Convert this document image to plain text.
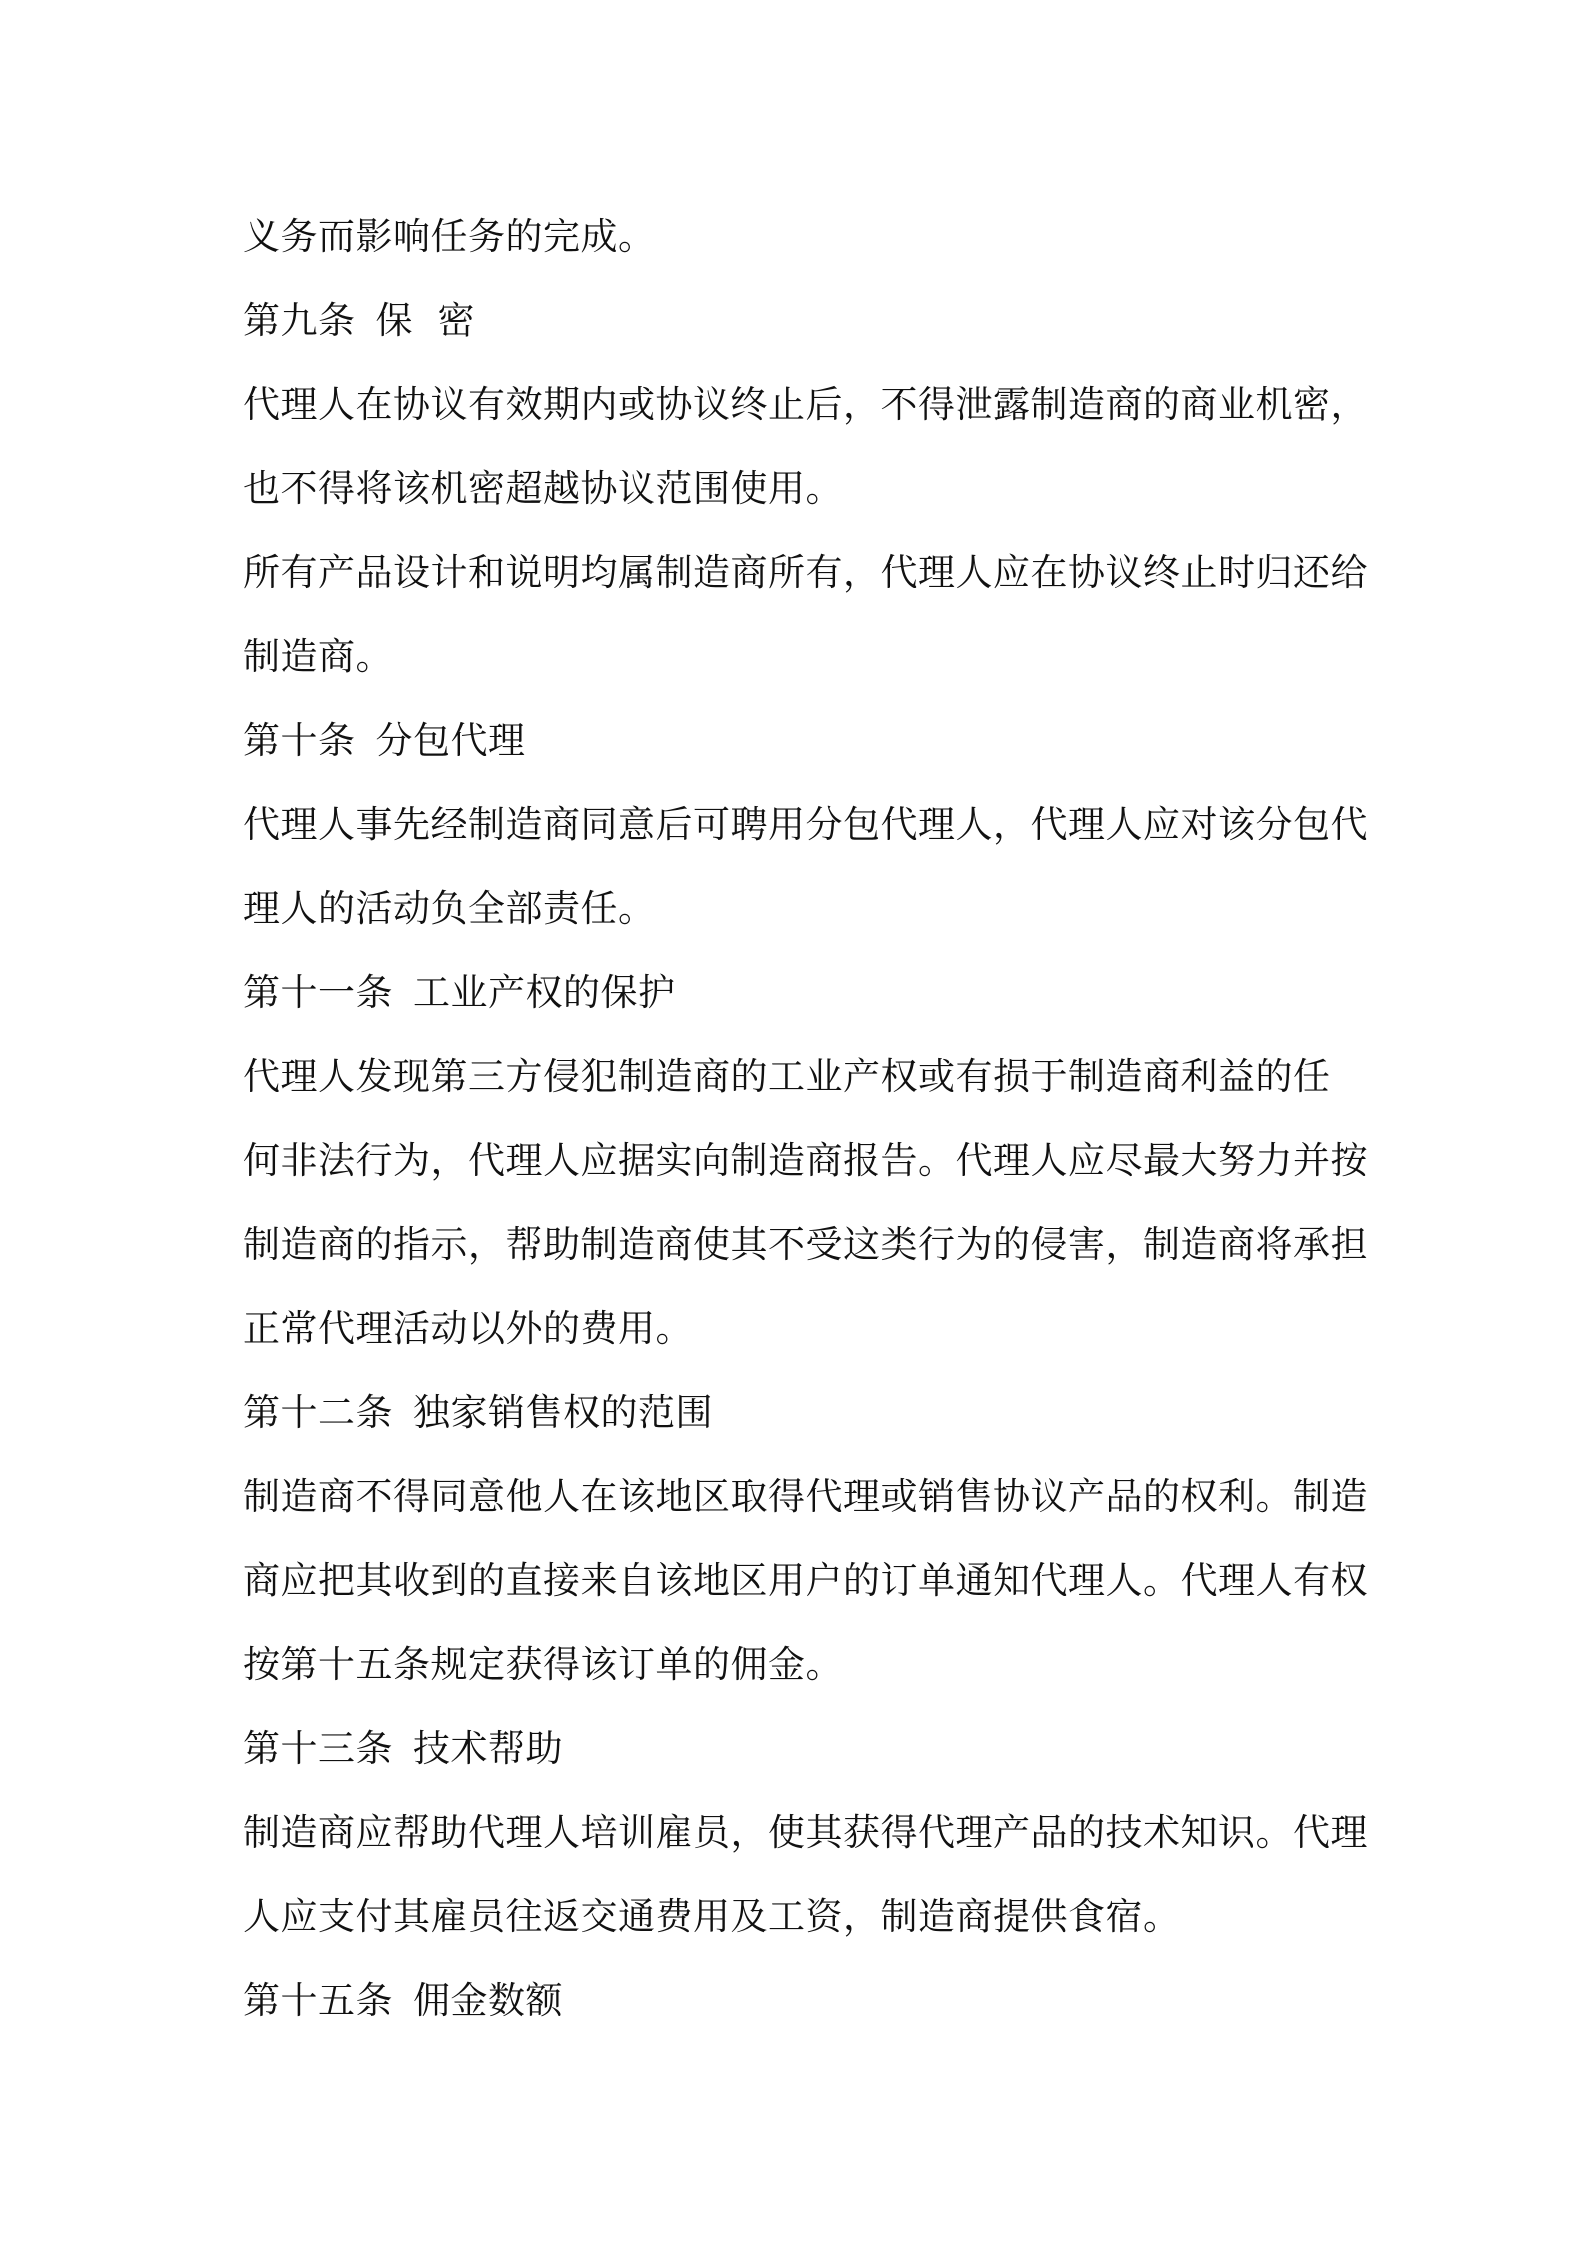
义务而影响任务的完成。
第九条 保  密
代理人在协议有效期内或协议终止后，不得泄露制造商的商业机密，
也不得将该机密超越协议范围使用。
所有产品设计和说明均属制造商所有，代理人应在协议终止时归还给
制造商。
第十条 分包代理
代理人事先经制造商同意后可聘用分包代理人，代理人应对该分包代
理人的活动负全部责任。
第十一条 工业产权的保护
代理人发现第三方侵犯制造商的工业产权或有损于制造商利益的任
何非法行为，代理人应据实向制造商报告。代理人应尽最大努力并按
制造商的指示，帮助制造商使其不受这类行为的侵害，制造商将承担
正常代理活动以外的费用。
第十二条 独家销售权的范围
制造商不得同意他人在该地区取得代理或销售协议产品的权利。制造
商应把其收到的直接来自该地区用户的订单通知代理人。代理人有权
按第十五条规定获得该订单的佣金。
第十三条 技术帮助
制造商应帮助代理人培训雇员，使其获得代理产品的技术知识。代理
人应支付其雇员往返交通费用及工资，制造商提供食宿。
第十五条 佣金数额
